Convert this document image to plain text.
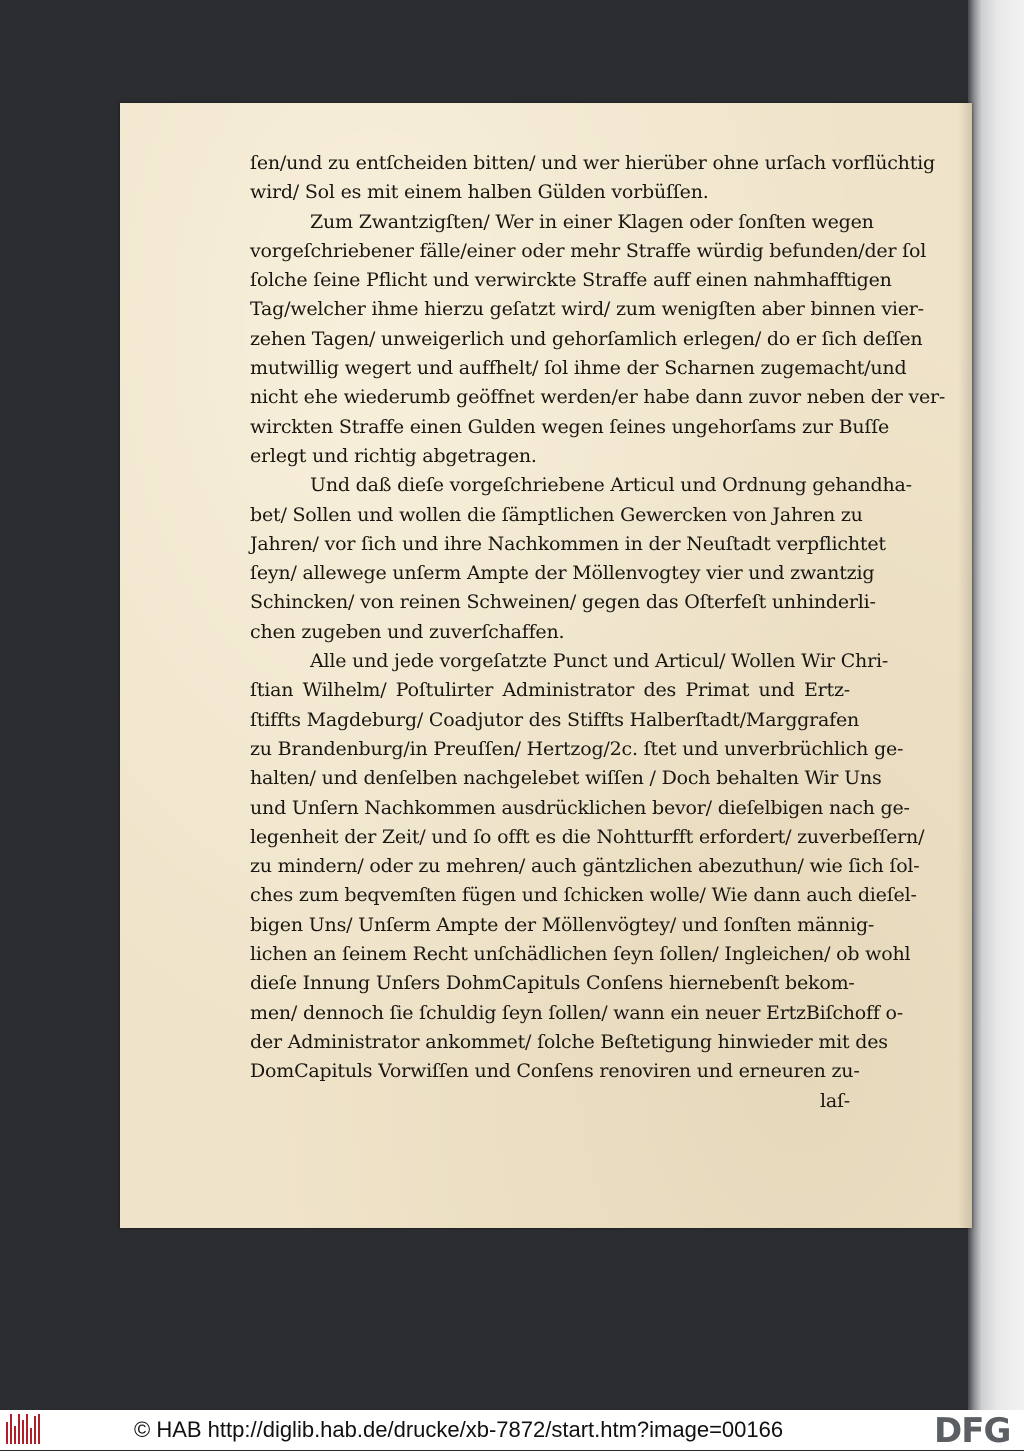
ſen/und zu entſcheiden bitten/ und wer hierüber ohne urſach vorflüchtig
wird/ Sol es mit einem halben Gülden vorbüſſen.
Zum Zwantzigſten/ Wer in einer Klagen oder ſonſten wegen
vorgeſchriebener fälle/einer oder mehr Straffe würdig befunden/der ſol
ſolche ſeine Pflicht und verwirckte Straffe auff einen nahmhafftigen
Tag/welcher ihme hierzu geſatzt wird/ zum wenigſten aber binnen vier-
zehen Tagen/ unweigerlich und gehorſamlich erlegen/ do er ſich deſſen
mutwillig wegert und auffhelt/ ſol ihme der Scharnen zugemacht/und
nicht ehe wiederumb geöffnet werden/er habe dann zuvor neben der ver-
wirckten Straffe einen Gulden wegen ſeines ungehorſams zur Buſſe
erlegt und richtig abgetragen.
Und daß dieſe vorgeſchriebene Articul und Ordnung gehandha-
bet/ Sollen und wollen die ſämptlichen Gewercken von Jahren zu
Jahren/ vor ſich und ihre Nachkommen in der Neuſtadt verpflichtet
ſeyn/ allewege unſerm Ampte der Möllenvogtey vier und zwantzig
Schincken/ von reinen Schweinen/ gegen das Oſterfeſt unhinderli-
chen zugeben und zuverſchaffen.
Alle und jede vorgeſatzte Punct und Articul/ Wollen Wir Chri-
ſtian Wilhelm/ Poſtulirter Administrator des Primat und Ertz-
ſtiffts Magdeburg/ Coadjutor des Stiffts Halberſtadt/Marggrafen
zu Brandenburg/in Preuſſen/ Hertzog/2c. ſtet und unverbrüchlich ge-
halten/ und denſelben nachgelebet wiſſen / Doch behalten Wir Uns
und Unſern Nachkommen ausdrücklichen bevor/ dieſelbigen nach ge-
legenheit der Zeit/ und ſo offt es die Nohtturfft erfordert/ zuverbeſſern/
zu mindern/ oder zu mehren/ auch gäntzlichen abezuthun/ wie ſich ſol-
ches zum beqvemſten fügen und ſchicken wolle/ Wie dann auch dieſel-
bigen Uns/ Unſerm Ampte der Möllenvögtey/ und ſonſten männig-
lichen an ſeinem Recht unſchädlichen ſeyn ſollen/ Ingleichen/ ob wohl
dieſe Innung Unſers DohmCapituls Conſens hiernebenſt bekom-
men/ dennoch ſie ſchuldig ſeyn ſollen/ wann ein neuer ErtzBiſchoff o-
der Administrator ankommet/ ſolche Beſtetigung hinwieder mit des
DomCapituls Vorwiſſen und Conſens renoviren und erneuren zu-
laſ-
© HAB http://diglib.hab.de/drucke/xb-7872/start.htm?image=00166	DFG
